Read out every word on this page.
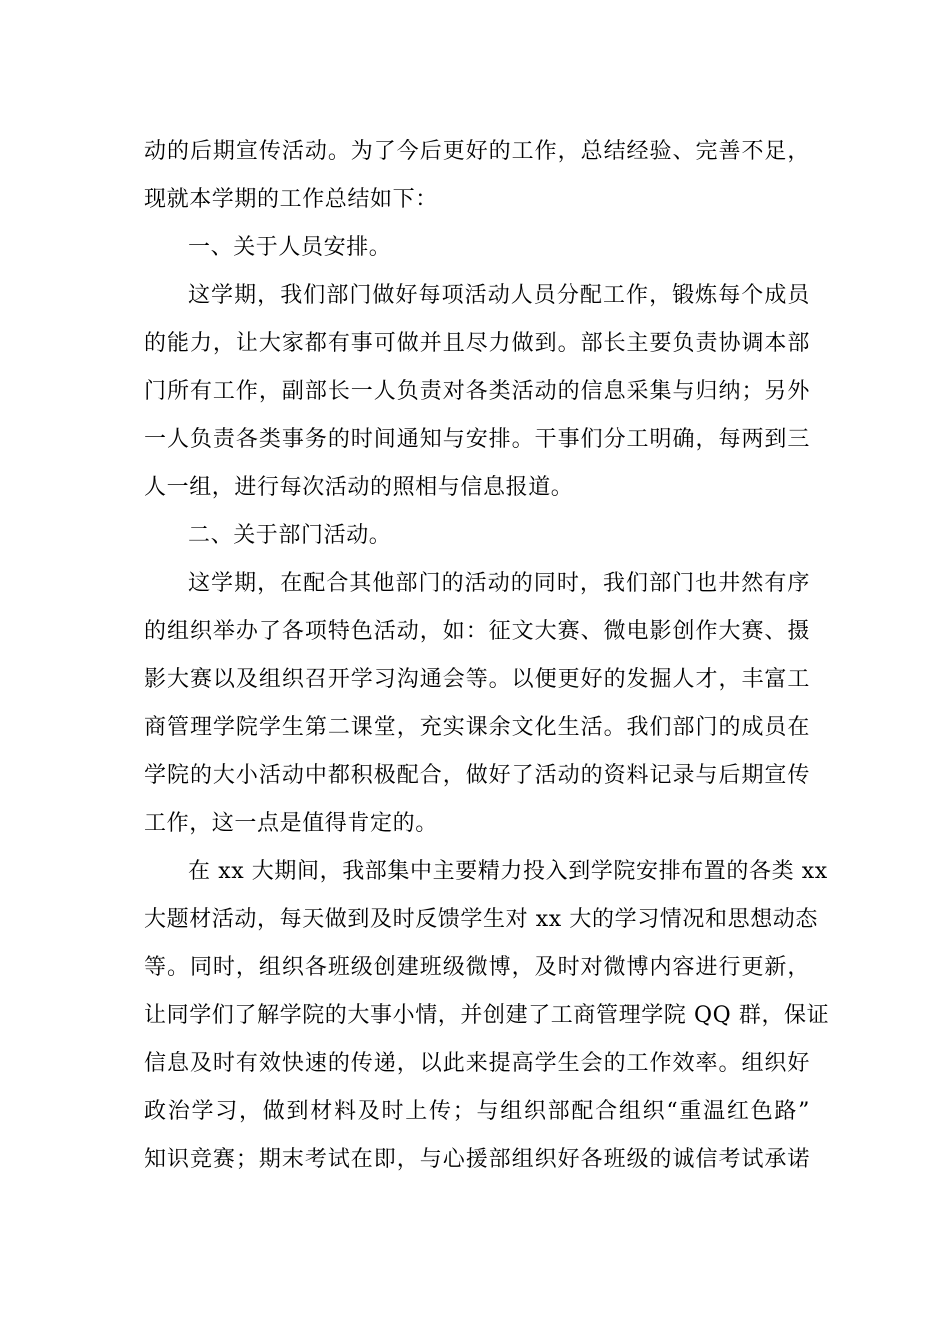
动的后期宣传活动。为了今后更好的工作，总结经验、完善不足，
现就本学期的工作总结如下：
一、关于人员安排。
这学期，我们部门做好每项活动人员分配工作，锻炼每个成员
的能力，让大家都有事可做并且尽力做到。部长主要负责协调本部
门所有工作，副部长一人负责对各类活动的信息采集与归纳；另外
一人负责各类事务的时间通知与安排。干事们分工明确，每两到三
人一组，进行每次活动的照相与信息报道。
二、关于部门活动。
这学期，在配合其他部门的活动的同时，我们部门也井然有序
的组织举办了各项特色活动，如：征文大赛、微电影创作大赛、摄
影大赛以及组织召开学习沟通会等。以便更好的发掘人才，丰富工
商管理学院学生第二课堂，充实课余文化生活。我们部门的成员在
学院的大小活动中都积极配合，做好了活动的资料记录与后期宣传
工作，这一点是值得肯定的。
在 xx 大期间，我部集中主要精力投入到学院安排布置的各类 xx
大题材活动，每天做到及时反馈学生对 xx 大的学习情况和思想动态
等。同时，组织各班级创建班级微博，及时对微博内容进行更新，
让同学们了解学院的大事小情，并创建了工商管理学院 QQ 群，保证
信息及时有效快速的传递，以此来提高学生会的工作效率。组织好
政治学习，做到材料及时上传；与组织部配合组织“重温红色路”
知识竞赛；期末考试在即，与心援部组织好各班级的诚信考试承诺
